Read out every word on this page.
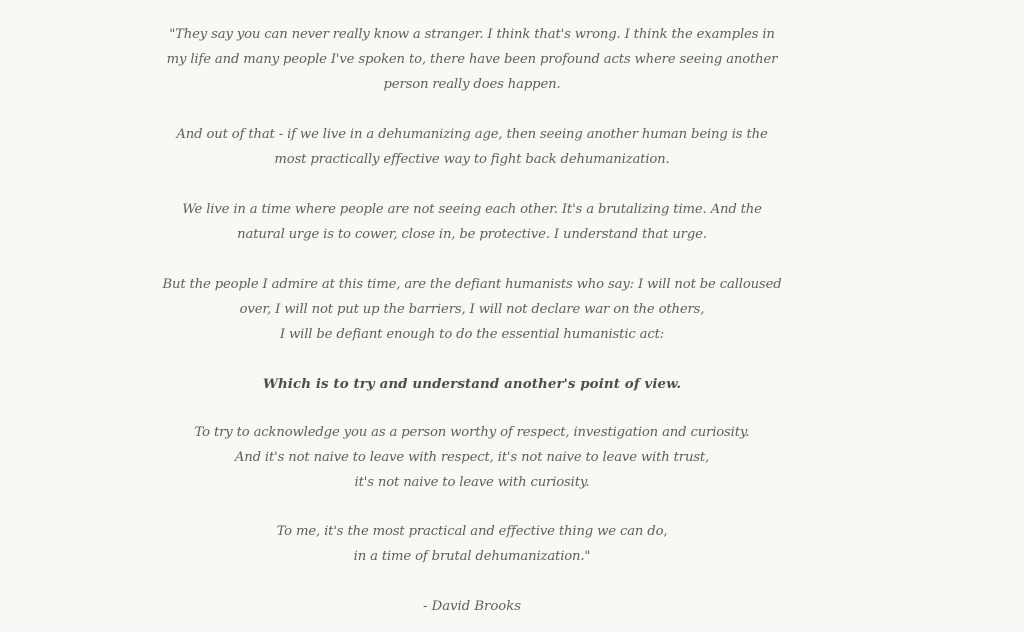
"They say you can never really know a stranger. I think that's wrong. I think the examples in
my life and many people I've spoken to, there have been profound acts where seeing another
person really does happen.
And out of that - if we live in a dehumanizing age, then seeing another human being is the
most practically effective way to fight back dehumanization.
We live in a time where people are not seeing each other. It's a brutalizing time. And the
natural urge is to cower, close in, be protective. I understand that urge.
But the people I admire at this time, are the defiant humanists who say: I will not be calloused
over, I will not put up the barriers, I will not declare war on the others,
I will be defiant enough to do the essential humanistic act:
Which is to try and understand another's point of view.
To try to acknowledge you as a person worthy of respect, investigation and curiosity.
And it's not naive to leave with respect, it's not naive to leave with trust,
it's not naive to leave with curiosity.
To me, it's the most practical and effective thing we can do,
in a time of brutal dehumanization."
- David Brooks
